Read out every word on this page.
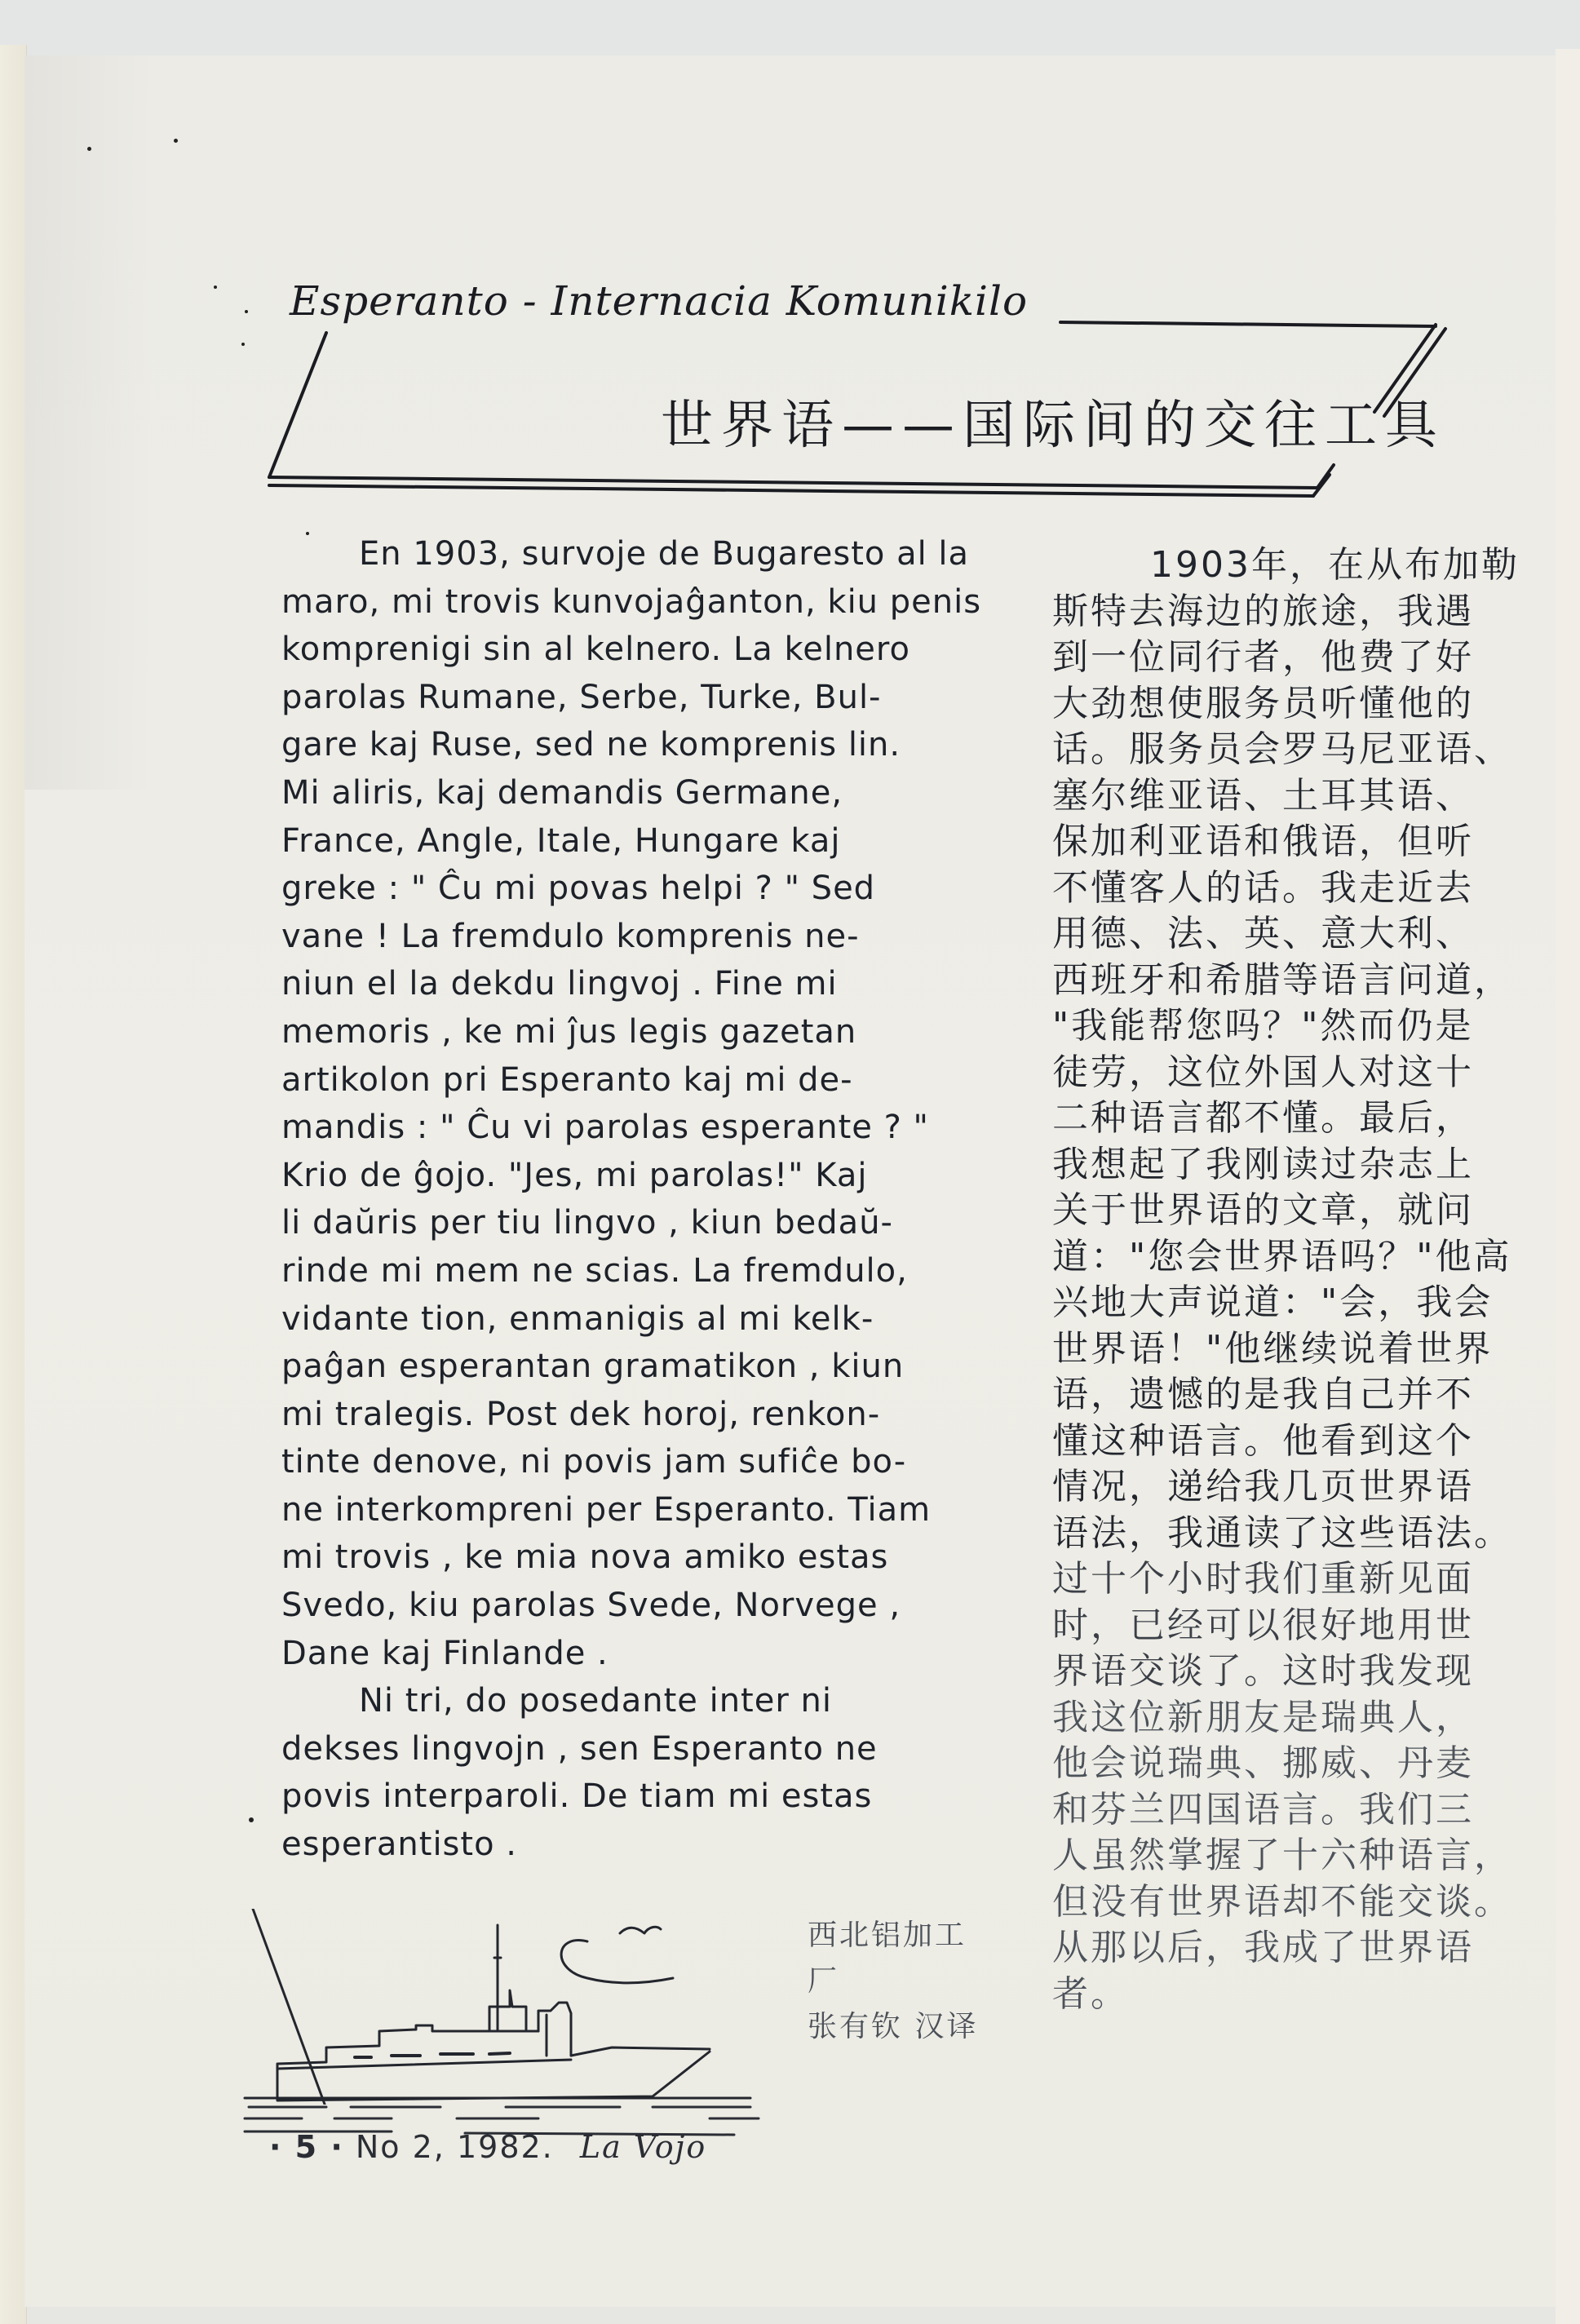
Esperanto - Internacia Komunikilo
世界语——国际间的交往工具
En 1903, survoje de Bugaresto al la
maro, mi trovis kunvojaĝanton, kiu penis
komprenigi sin al kelnero. La kelnero
parolas Rumane, Serbe, Turke, Bul-
gare kaj Ruse, sed ne komprenis lin.
Mi aliris, kaj demandis Germane,
France, Angle, Itale, Hungare kaj
greke : " Ĉu mi povas helpi ? " Sed
vane ! La fremdulo komprenis ne-
niun el la dekdu lingvoj . Fine mi
memoris , ke mi ĵus legis gazetan
artikolon pri Esperanto kaj mi de-
mandis : " Ĉu vi parolas esperante ? "
Krio de ĝojo. "Jes, mi parolas!" Kaj
li daŭris per tiu lingvo , kiun bedaŭ-
rinde mi mem ne scias. La fremdulo,
vidante tion, enmanigis al mi kelk-
paĝan esperantan gramatikon , kiun
mi tralegis. Post dek horoj, renkon-
tinte denove, ni povis jam sufiĉe bo-
ne interkompreni per Esperanto. Tiam
mi trovis , ke mia nova amiko estas
Svedo, kiu parolas Svede, Norvege ,
Dane kaj Finlande .
Ni tri, do posedante inter ni
dekses lingvojn , sen Esperanto ne
povis interparoli. De tiam mi estas
esperantisto .
1903年，在从布加勒
斯特去海边的旅途，我遇
到一位同行者，他费了好
大劲想使服务员听懂他的
话。服务员会罗马尼亚语、
塞尔维亚语、土耳其语、
保加利亚语和俄语，但听
不懂客人的话。我走近去
用德、法、英、意大利、
西班牙和希腊等语言问道，
"我能帮您吗？"然而仍是
徒劳，这位外国人对这十
二种语言都不懂。最后，
我想起了我刚读过杂志上
关于世界语的文章，就问
道："您会世界语吗？"他高
兴地大声说道："会，我会
世界语！"他继续说着世界
语，遗憾的是我自己并不
懂这种语言。他看到这个
情况，递给我几页世界语
语法，我通读了这些语法。
过十个小时我们重新见面
时，已经可以很好地用世
界语交谈了。这时我发现
我这位新朋友是瑞典人，
他会说瑞典、挪威、丹麦
和芬兰四国语言。我们三
人虽然掌握了十六种语言，
但没有世界语却不能交谈。
从那以后，我成了世界语
者。
西北铝加工
厂
张有钦 汉译
· 5 · No 2, 1982. La Vojo
